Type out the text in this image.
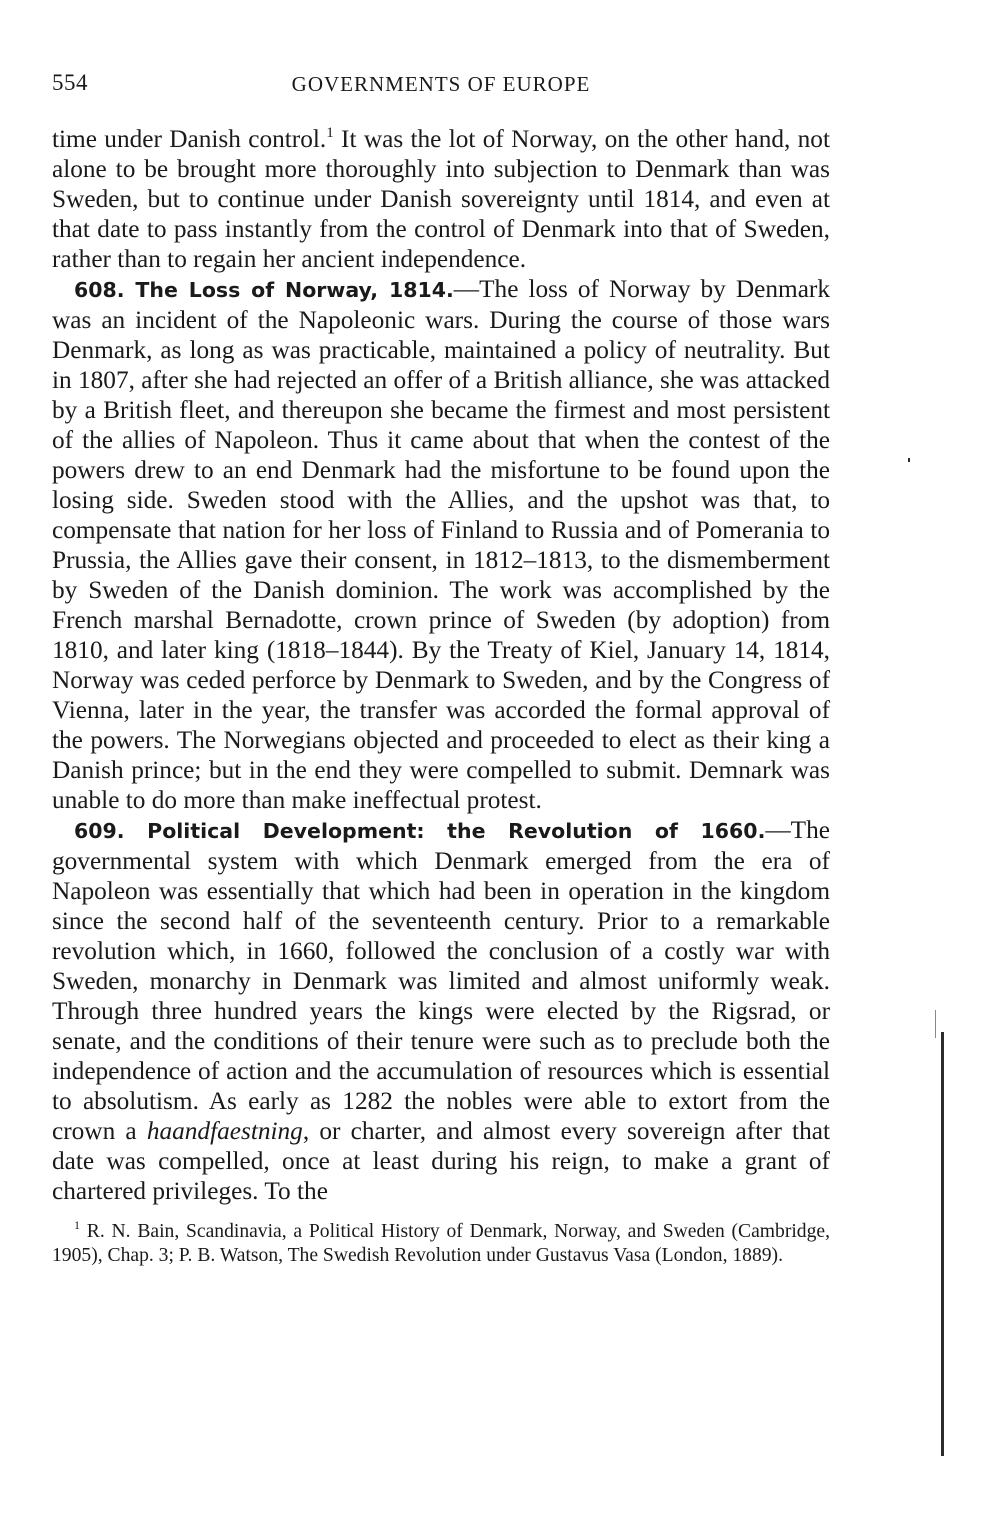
554	GOVERNMENTS OF EUROPE

time under Danish control.$^1$ It was the lot of Norway, on the other hand, not alone to be brought more thoroughly into subjection to Denmark than was Sweden, but to continue under Danish sovereignty until 1814, and even at that date to pass instantly from the control of Denmark into that of Sweden, rather than to regain her ancient independence.

608. The Loss of Norway, 1814.—The loss of Norway by Denmark was an incident of the Napoleonic wars. During the course of those wars Denmark, as long as was practicable, maintained a policy of neutrality. But in 1807, after she had rejected an offer of a British alliance, she was attacked by a British fleet, and thereupon she became the firmest and most persistent of the allies of Napoleon. Thus it came about that when the contest of the powers drew to an end Denmark had the misfortune to be found upon the losing side. Sweden stood with the Allies, and the upshot was that, to compensate that nation for her loss of Finland to Russia and of Pomerania to Prussia, the Allies gave their consent, in 1812–1813, to the dismemberment by Sweden of the Danish dominion. The work was accomplished by the French marshal Bernadotte, crown prince of Sweden (by adoption) from 1810, and later king (1818–1844). By the Treaty of Kiel, January 14, 1814, Norway was ceded perforce by Denmark to Sweden, and by the Congress of Vienna, later in the year, the transfer was accorded the formal approval of the powers. The Norwegians objected and proceeded to elect as their king a Danish prince; but in the end they were compelled to submit. Demnark was unable to do more than make ineffectual protest.

609. Political Development: the Revolution of 1660.—The governmental system with which Denmark emerged from the era of Napoleon was essentially that which had been in operation in the kingdom since the second half of the seventeenth century. Prior to a remarkable revolution which, in 1660, followed the conclusion of a costly war with Sweden, monarchy in Denmark was limited and almost uniformly weak. Through three hundred years the kings were elected by the Rigsrad, or senate, and the conditions of their tenure were such as to preclude both the independence of action and the accumulation of resources which is essential to absolutism. As early as 1282 the nobles were able to extort from the crown a haandfaestning, or charter, and almost every sovereign after that date was compelled, once at least during his reign, to make a grant of chartered privileges. To the

$^1$ R. N. Bain, Scandinavia, a Political History of Denmark, Norway, and Sweden (Cambridge, 1905), Chap. 3; P. B. Watson, The Swedish Revolution under Gustavus Vasa (London, 1889).
